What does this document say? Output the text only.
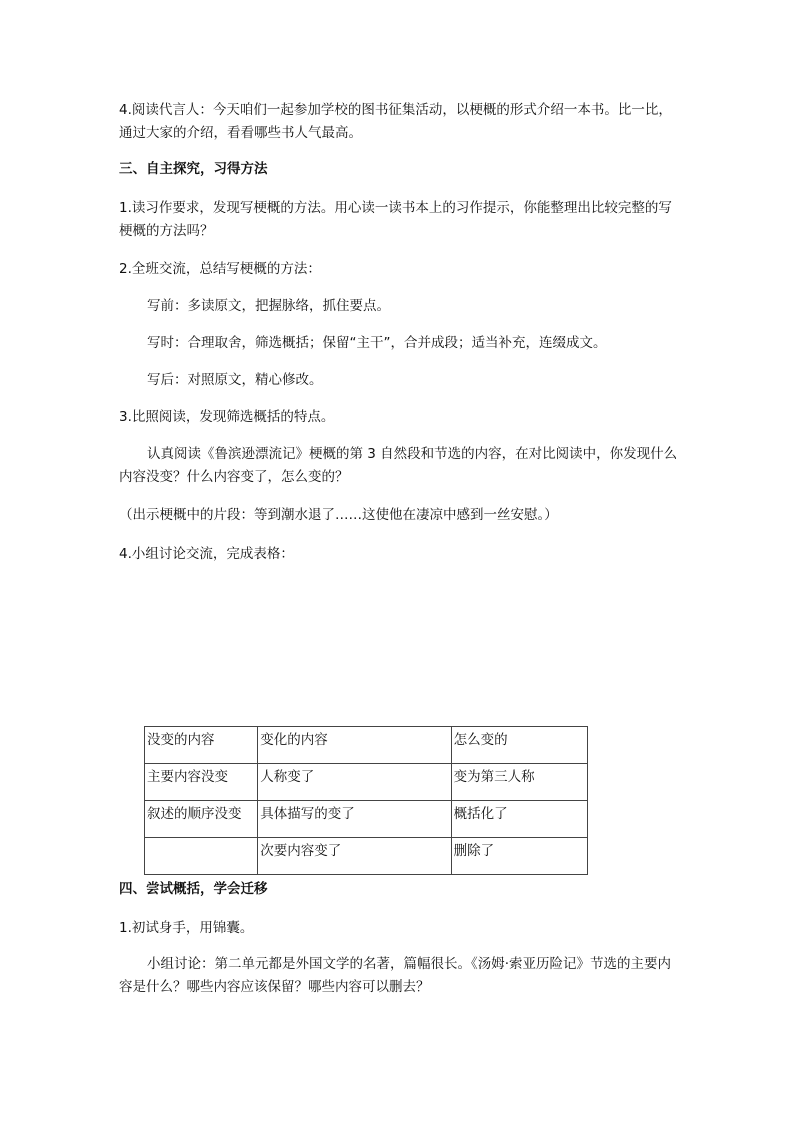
4.阅读代言人：今天咱们一起参加学校的图书征集活动，以梗概的形式介绍一本书。比一比，通过大家的介绍，看看哪些书人气最高。

三、自主探究，习得方法

1.读习作要求，发现写梗概的方法。用心读一读书本上的习作提示，你能整理出比较完整的写梗概的方法吗？

2.全班交流，总结写梗概的方法：

写前：多读原文，把握脉络，抓住要点。

写时：合理取舍，筛选概括；保留“主干”，合并成段；适当补充，连缀成文。

写后：对照原文，精心修改。

3.比照阅读，发现筛选概括的特点。

认真阅读《鲁滨逊漂流记》梗概的第 3 自然段和节选的内容，在对比阅读中，你发现什么内容没变？什么内容变了，怎么变的？

（出示梗概中的片段：等到潮水退了……这使他在凄凉中感到一丝安慰。）

4.小组讨论交流，完成表格：

没变的内容	变化的内容	怎么变的
主要内容没变	人称变了	变为第三人称
叙述的顺序没变	具体描写的变了	概括化了
	次要内容变了	删除了

四、尝试概括，学会迁移

1.初试身手，用锦囊。

小组讨论：第二单元都是外国文学的名著，篇幅很长。《汤姆·索亚历险记》节选的主要内容是什么？哪些内容应该保留？哪些内容可以删去？
